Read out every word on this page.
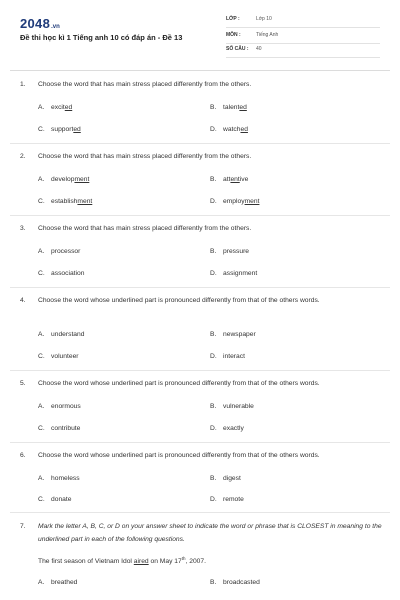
2048.vn
Đề thi học kì 1 Tiếng anh 10 có đáp án - Đề 13
LỚP :	Lớp 10
MÔN :	Tiếng Anh
SỐ CÂU : 40
1. Choose the word that has main stress placed differently from the others.
A. excited	B. talented
C. supported	D. watched
2. Choose the word that has main stress placed differently from the others.
A. development	B. attentive
C. establishment	D. employment
3. Choose the word that has main stress placed differently from the others.
A. processor	B. pressure
C. association	D. assignment
4. Choose the word whose underlined part is pronounced differently from that of the others words.
A. understand	B. newspaper
C. volunteer	D. interact
5. Choose the word whose underlined part is pronounced differently from that of the others words.
A. enormous	B. vulnerable
C. contribute	D. exactly
6. Choose the word whose underlined part is pronounced differently from that of the others words.
A. homeless	B. digest
C. donate	D. remote
7. Mark the letter A, B, C, or D on your answer sheet to indicate the word or phrase that is CLOSEST in meaning to the underlined part in each of the following questions.
The first season of Vietnam Idol aired on May 17th, 2007.
A. breathed	B. broadcasted
